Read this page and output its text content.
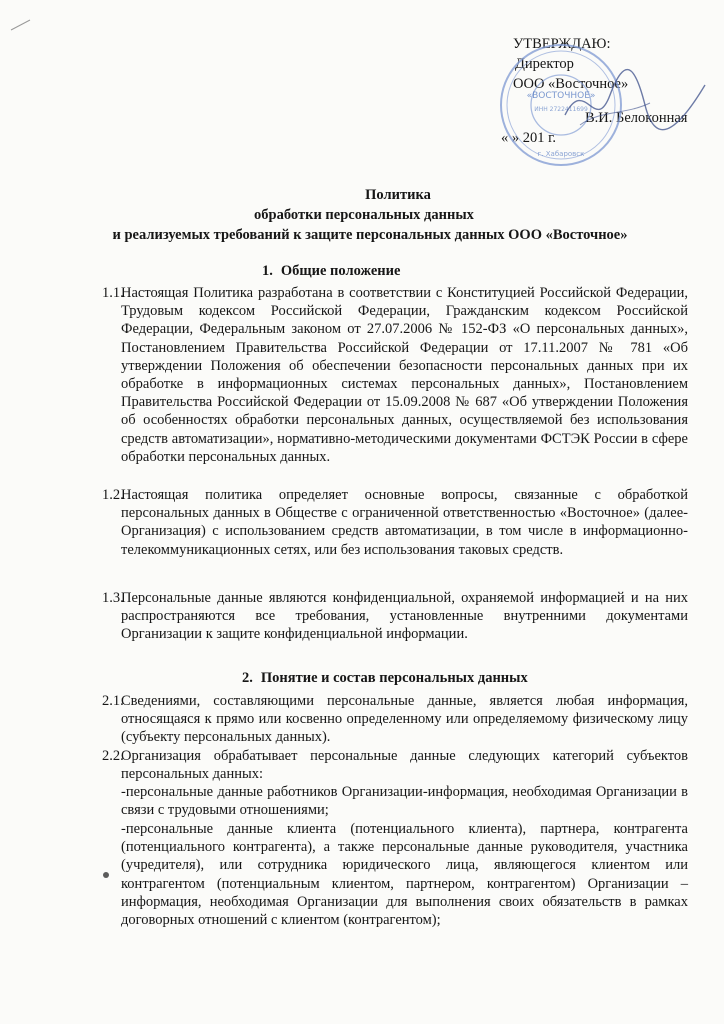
УТВЕРЖДАЮ:
Директор
ООО «Восточное»
В.И. Белоконная
« » 201 г.
«ВОСТОЧНОЕ»
ИНН 2722411699
г. Хабаровск
Политика
обработки персональных данных
и реализуемых требований к защите персональных данных ООО «Восточное»
1. Общие положение
1.1.
Настоящая Политика разработана в соответствии с Конституцией Российской Федерации, Трудовым кодексом Российской Федерации, Гражданским кодексом Российской Федерации, Федеральным законом от 27.07.2006 № 152-ФЗ «О персональных данных», Постановлением Правительства Российской Федерации от 17.11.2007 № 781 «Об утверждении Положения об обеспечении безопасности персональных данных при их обработке в информационных системах персональных данных», Постановлением Правительства Российской Федерации от 15.09.2008 № 687 «Об утверждении Положения об особенностях обработки персональных данных, осуществляемой без использования средств автоматизации», нормативно-методическими документами ФСТЭК России в сфере обработки персональных данных.
1.2.
Настоящая политика определяет основные вопросы, связанные с обработкой персональных данных в Обществе с ограниченной ответственностью «Восточное» (далее-Организация) с использованием средств автоматизации, в том числе в информационно-телекоммуникационных сетях, или без использования таковых средств.
1.3.
Персональные данные являются конфиденциальной, охраняемой информацией и на них распространяются все требования, установленные внутренними документами Организации к защите конфиденциальной информации.
2. Понятие и состав персональных данных
2.1.
Сведениями, составляющими персональные данные, является любая информация, относящаяся к прямо или косвенно определенному или определяемому физическому лицу (субъекту персональных данных).
2.2.
Организация обрабатывает персональные данные следующих категорий субъектов персональных данных:
-персональные данные работников Организации-информация, необходимая Организации в связи с трудовыми отношениями;
-персональные данные клиента (потенциального клиента), партнера, контрагента (потенциального контрагента), а также персональные данные руководителя, участника (учредителя), или сотрудника юридического лица, являющегося клиентом или контрагентом (потенциальным клиентом, партнером, контрагентом) Организации – информация, необходимая Организации для выполнения своих обязательств в рамках договорных отношений с клиентом (контрагентом);
